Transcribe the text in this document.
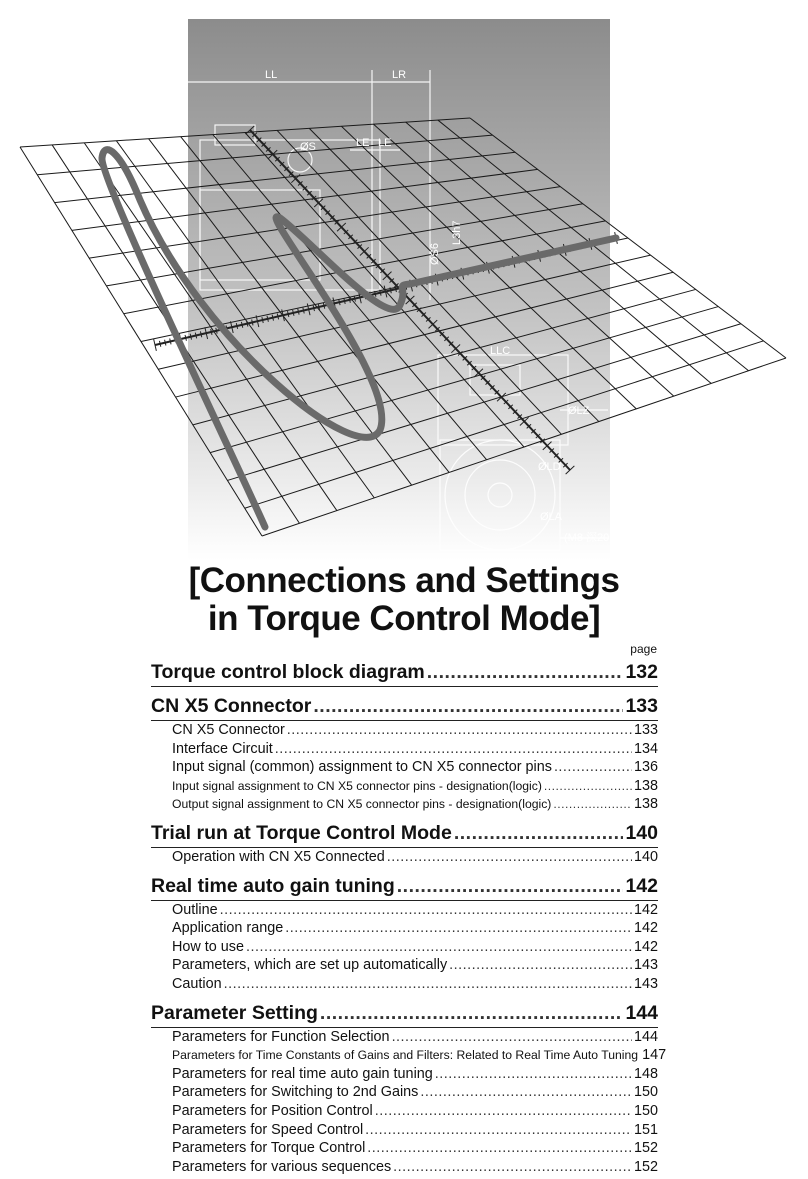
LL	LR
LE LE
LLC
ØS
ØLZ
ØLD
ØLA
(M8 深20
L3h7
ØS6
[Connections and Settings
in Torque Control Mode]
page
Torque control block diagram .....	132
CN X5 Connector .....	133
CN X5 Connector .....	133
Interface Circuit .....	134
Input signal (common) assignment to CN X5 connector pins .....	136
Input signal assignment to CN X5 connector pins - designation(logic) .....	138
Output signal assignment to CN X5 connector pins - designation(logic) .....	138
Trial run at Torque Control Mode .....	140
Operation with CN X5 Connected .....	140
Real time auto gain tuning .....	142
Outline .....	142
Application range .....	142
How to use .....	142
Parameters, which are set up automatically .....	143
Caution .....	143
Parameter Setting .....	144
Parameters for Function Selection .....	144
Parameters for Time Constants of Gains and Filters: Related to Real Time Auto Tuning 147
Parameters for real time auto gain tuning .....	148
Parameters for Switching to 2nd Gains .....	150
Parameters for Position Control .....	150
Parameters for Speed Control .....	151
Parameters for Torque Control .....	152
Parameters for various sequences .....	152
